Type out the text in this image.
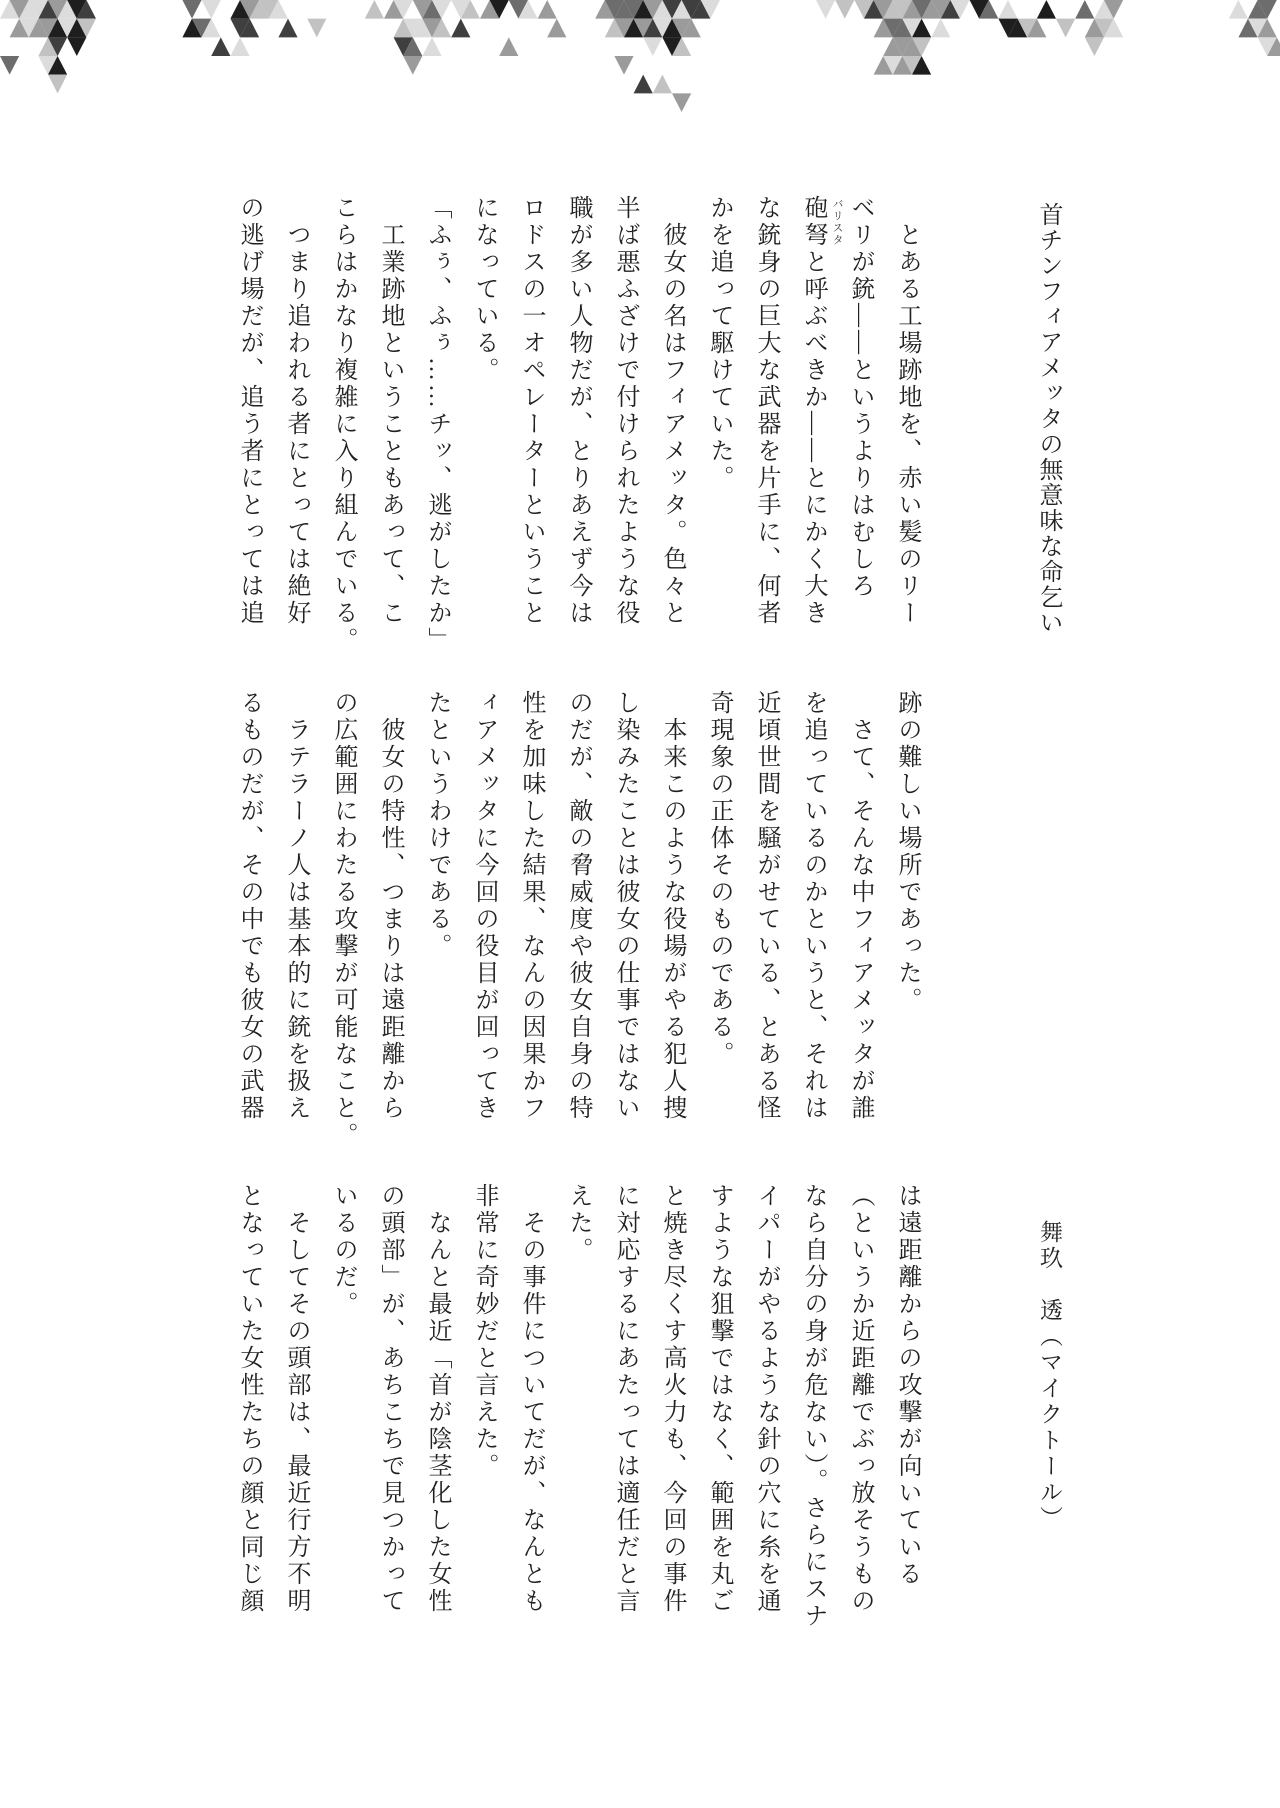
首チンフィアメッタの無意味な命乞い
バリスタ	　とある工場跡地を、赤い髪のリー

ベリが銃――というよりはむしろ

砲弩と呼ぶべきか――とにかく大き

な銃身の巨大な武器を片手に、何者

かを追って駆けていた。

　彼女の名はフィアメッタ。色々と

半ば悪ふざけで付けられたような役

職が多い人物だが、とりあえず今は

ロドスの一オペレーターということ

になっている。

「ふぅ、ふぅ……チッ、逃がしたか」

　工業跡地ということもあって、こ

こらはかなり複雑に入り組んでいる。

　つまり追われる者にとっては絶好

の逃げ場だが、追う者にとっては追

跡の難しい場所であった。

　さて、そんな中フィアメッタが誰

を追っているのかというと、それは

近頃世間を騒がせている、とある怪

奇現象の正体そのものである。

　本来このような役場がやる犯人捜

し染みたことは彼女の仕事ではない

のだが、敵の脅威度や彼女自身の特

性を加味した結果、なんの因果かフ

ィアメッタに今回の役目が回ってき

たというわけである。

　彼女の特性、つまりは遠距離から

の広範囲にわたる攻撃が可能なこと。

　ラテラーノ人は基本的に銃を扱え

るものだが、その中でも彼女の武器

は遠距離からの攻撃が向いている

（というか近距離でぶっ放そうもの

なら自分の身が危ない）。さらにスナ

イパーがやるような針の穴に糸を通

すような狙撃ではなく、範囲を丸ご

と焼き尽くす高火力も、今回の事件

に対応するにあたっては適任だと言

えた。

　その事件についてだが、なんとも

非常に奇妙だと言えた。

　なんと最近「首が陰茎化した女性

の頭部」が、あちこちで見つかって

いるのだ。

　そしてその頭部は、最近行方不明

となっていた女性たちの顔と同じ顔	舞玖　透（マイクトール）
